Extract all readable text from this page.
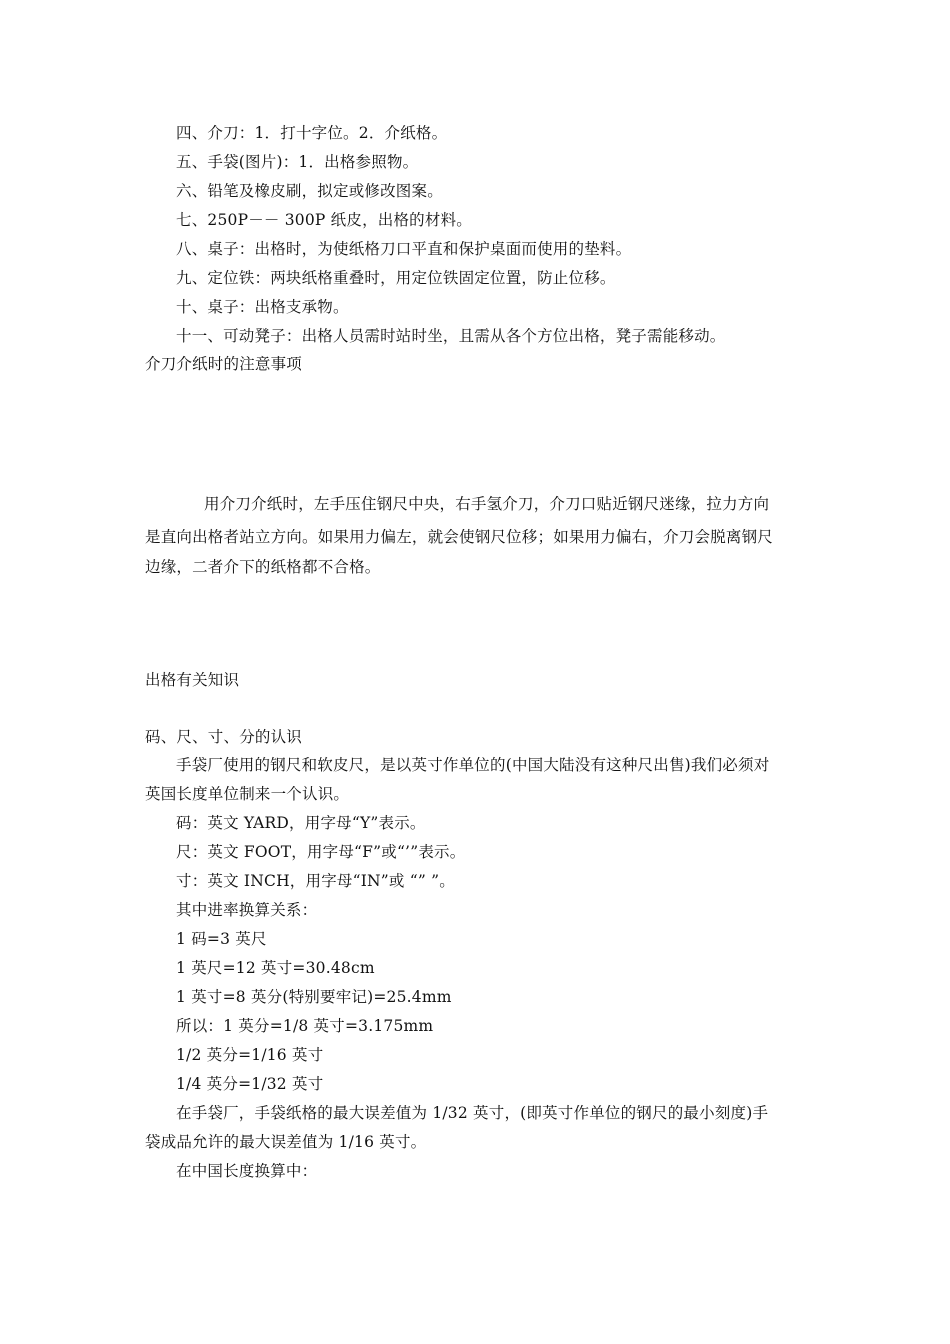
四、介刀：1．打十字位。2．介纸格。
五、手袋(图片)：1．出格参照物。
六、铅笔及橡皮刷，拟定或修改图案。
七、250P－－ 300P 纸皮，出格的材料。
八、桌子：出格时，为使纸格刀口平直和保护桌面而使用的垫料。
九、定位铁：两块纸格重叠时，用定位铁固定位置，防止位移。
十、桌子：出格支承物。
十一、可动凳子：出格人员需时站时坐，且需从各个方位出格，凳子需能移动。
介刀介纸时的注意事项
用介刀介纸时，左手压住钢尺中央，右手氢介刀，介刀口贴近钢尺迷缘，拉力方向
是直向出格者站立方向。如果用力偏左，就会使钢尺位移；如果用力偏右，介刀会脱离钢尺
边缘，二者介下的纸格都不合格。
出格有关知识
码、尺、寸、分的认识
手袋厂使用的钢尺和软皮尺，是以英寸作单位的(中国大陆没有这种尺出售)我们必须对
英国长度单位制来一个认识。
码：英文 YARD，用字母“Y”表示。
尺：英文 FOOT，用字母“F”或“’”表示。
寸：英文 INCH，用字母“IN”或 “” ”。
其中进率换算关系：
1 码=3 英尺
1 英尺=12 英寸=30.48cm
1 英寸=8 英分(特别要牢记)=25.4mm
所以：1 英分=1/8 英寸=3.175mm
1/2 英分=1/16 英寸
1/4 英分=1/32 英寸
在手袋厂，手袋纸格的最大误差值为 1/32 英寸，(即英寸作单位的钢尺的最小刻度)手
袋成品允许的最大误差值为 1/16 英寸。
在中国长度换算中：
